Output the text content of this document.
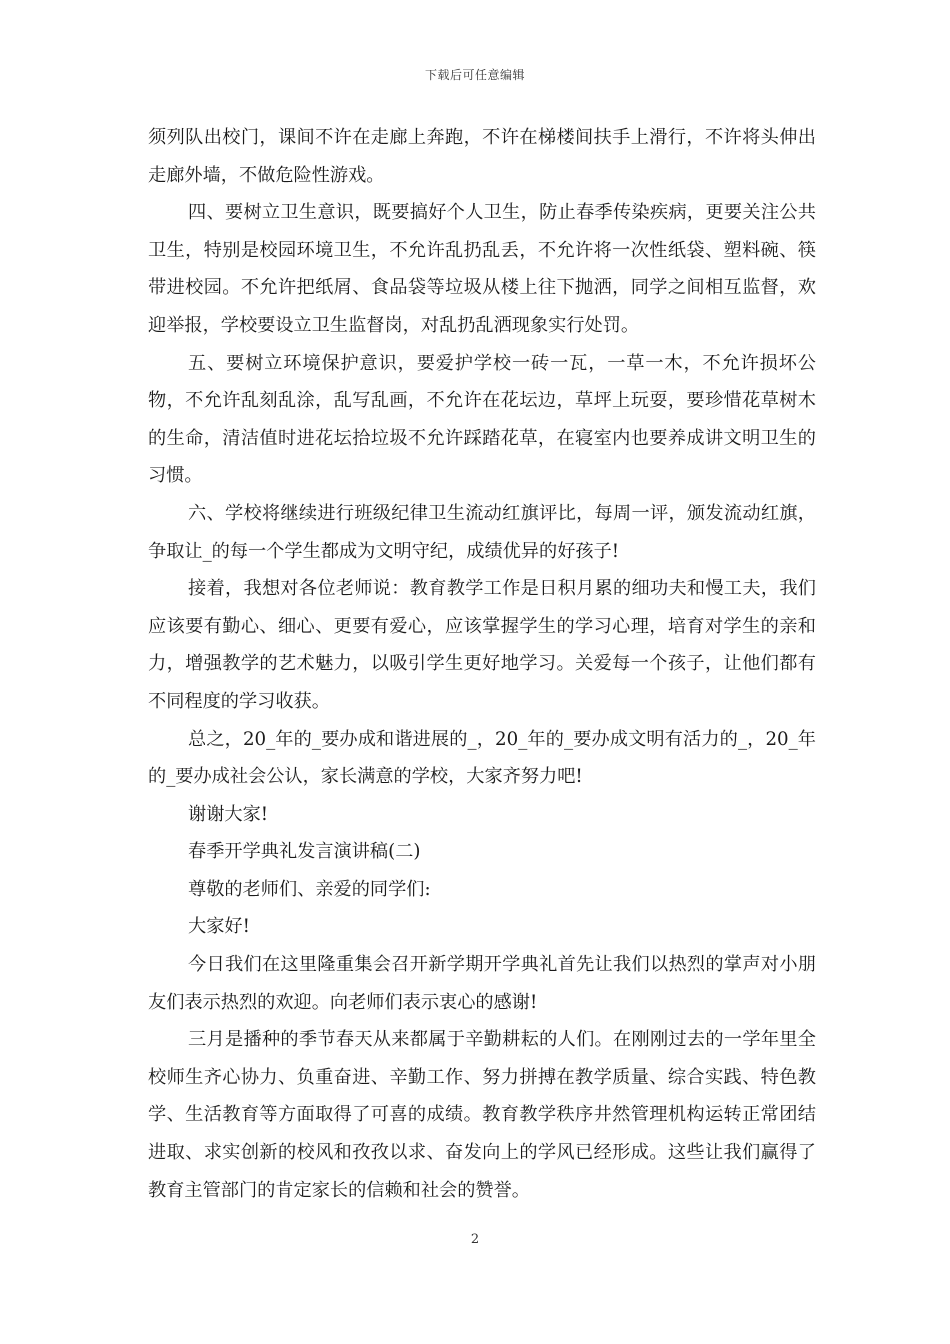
下载后可任意编辑

须列队出校门，课间不许在走廊上奔跑，不许在梯楼间扶手上滑行，不许将头伸出走廊外墙，不做危险性游戏。

四、要树立卫生意识，既要搞好个人卫生，防止春季传染疾病，更要关注公共卫生，特别是校园环境卫生，不允许乱扔乱丢，不允许将一次性纸袋、塑料碗、筷带进校园。不允许把纸屑、食品袋等垃圾从楼上往下抛洒，同学之间相互监督，欢迎举报，学校要设立卫生监督岗，对乱扔乱洒现象实行处罚。

五、要树立环境保护意识，要爱护学校一砖一瓦，一草一木，不允许损坏公物，不允许乱刻乱涂，乱写乱画，不允许在花坛边，草坪上玩耍，要珍惜花草树木的生命，清洁值时进花坛拾垃圾不允许踩踏花草，在寝室内也要养成讲文明卫生的习惯。

六、学校将继续进行班级纪律卫生流动红旗评比，每周一评，颁发流动红旗，争取让_的每一个学生都成为文明守纪，成绩优异的好孩子!

接着，我想对各位老师说：教育教学工作是日积月累的细功夫和慢工夫，我们应该要有勤心、细心、更要有爱心，应该掌握学生的学习心理，培育对学生的亲和力，增强教学的艺术魅力，以吸引学生更好地学习。关爱每一个孩子，让他们都有不同程度的学习收获。

总之，20_年的_要办成和谐进展的_，20_年的_要办成文明有活力的_，20_年的_要办成社会公认，家长满意的学校，大家齐努力吧!

谢谢大家!

春季开学典礼发言演讲稿(二)

尊敬的老师们、亲爱的同学们:

大家好!

今日我们在这里隆重集会召开新学期开学典礼首先让我们以热烈的掌声对小朋友们表示热烈的欢迎。向老师们表示衷心的感谢!

三月是播种的季节春天从来都属于辛勤耕耘的人们。在刚刚过去的一学年里全校师生齐心协力、负重奋进、辛勤工作、努力拼搏在教学质量、综合实践、特色教学、生活教育等方面取得了可喜的成绩。教育教学秩序井然管理机构运转正常团结进取、求实创新的校风和孜孜以求、奋发向上的学风已经形成。这些让我们赢得了教育主管部门的肯定家长的信赖和社会的赞誉。

2
